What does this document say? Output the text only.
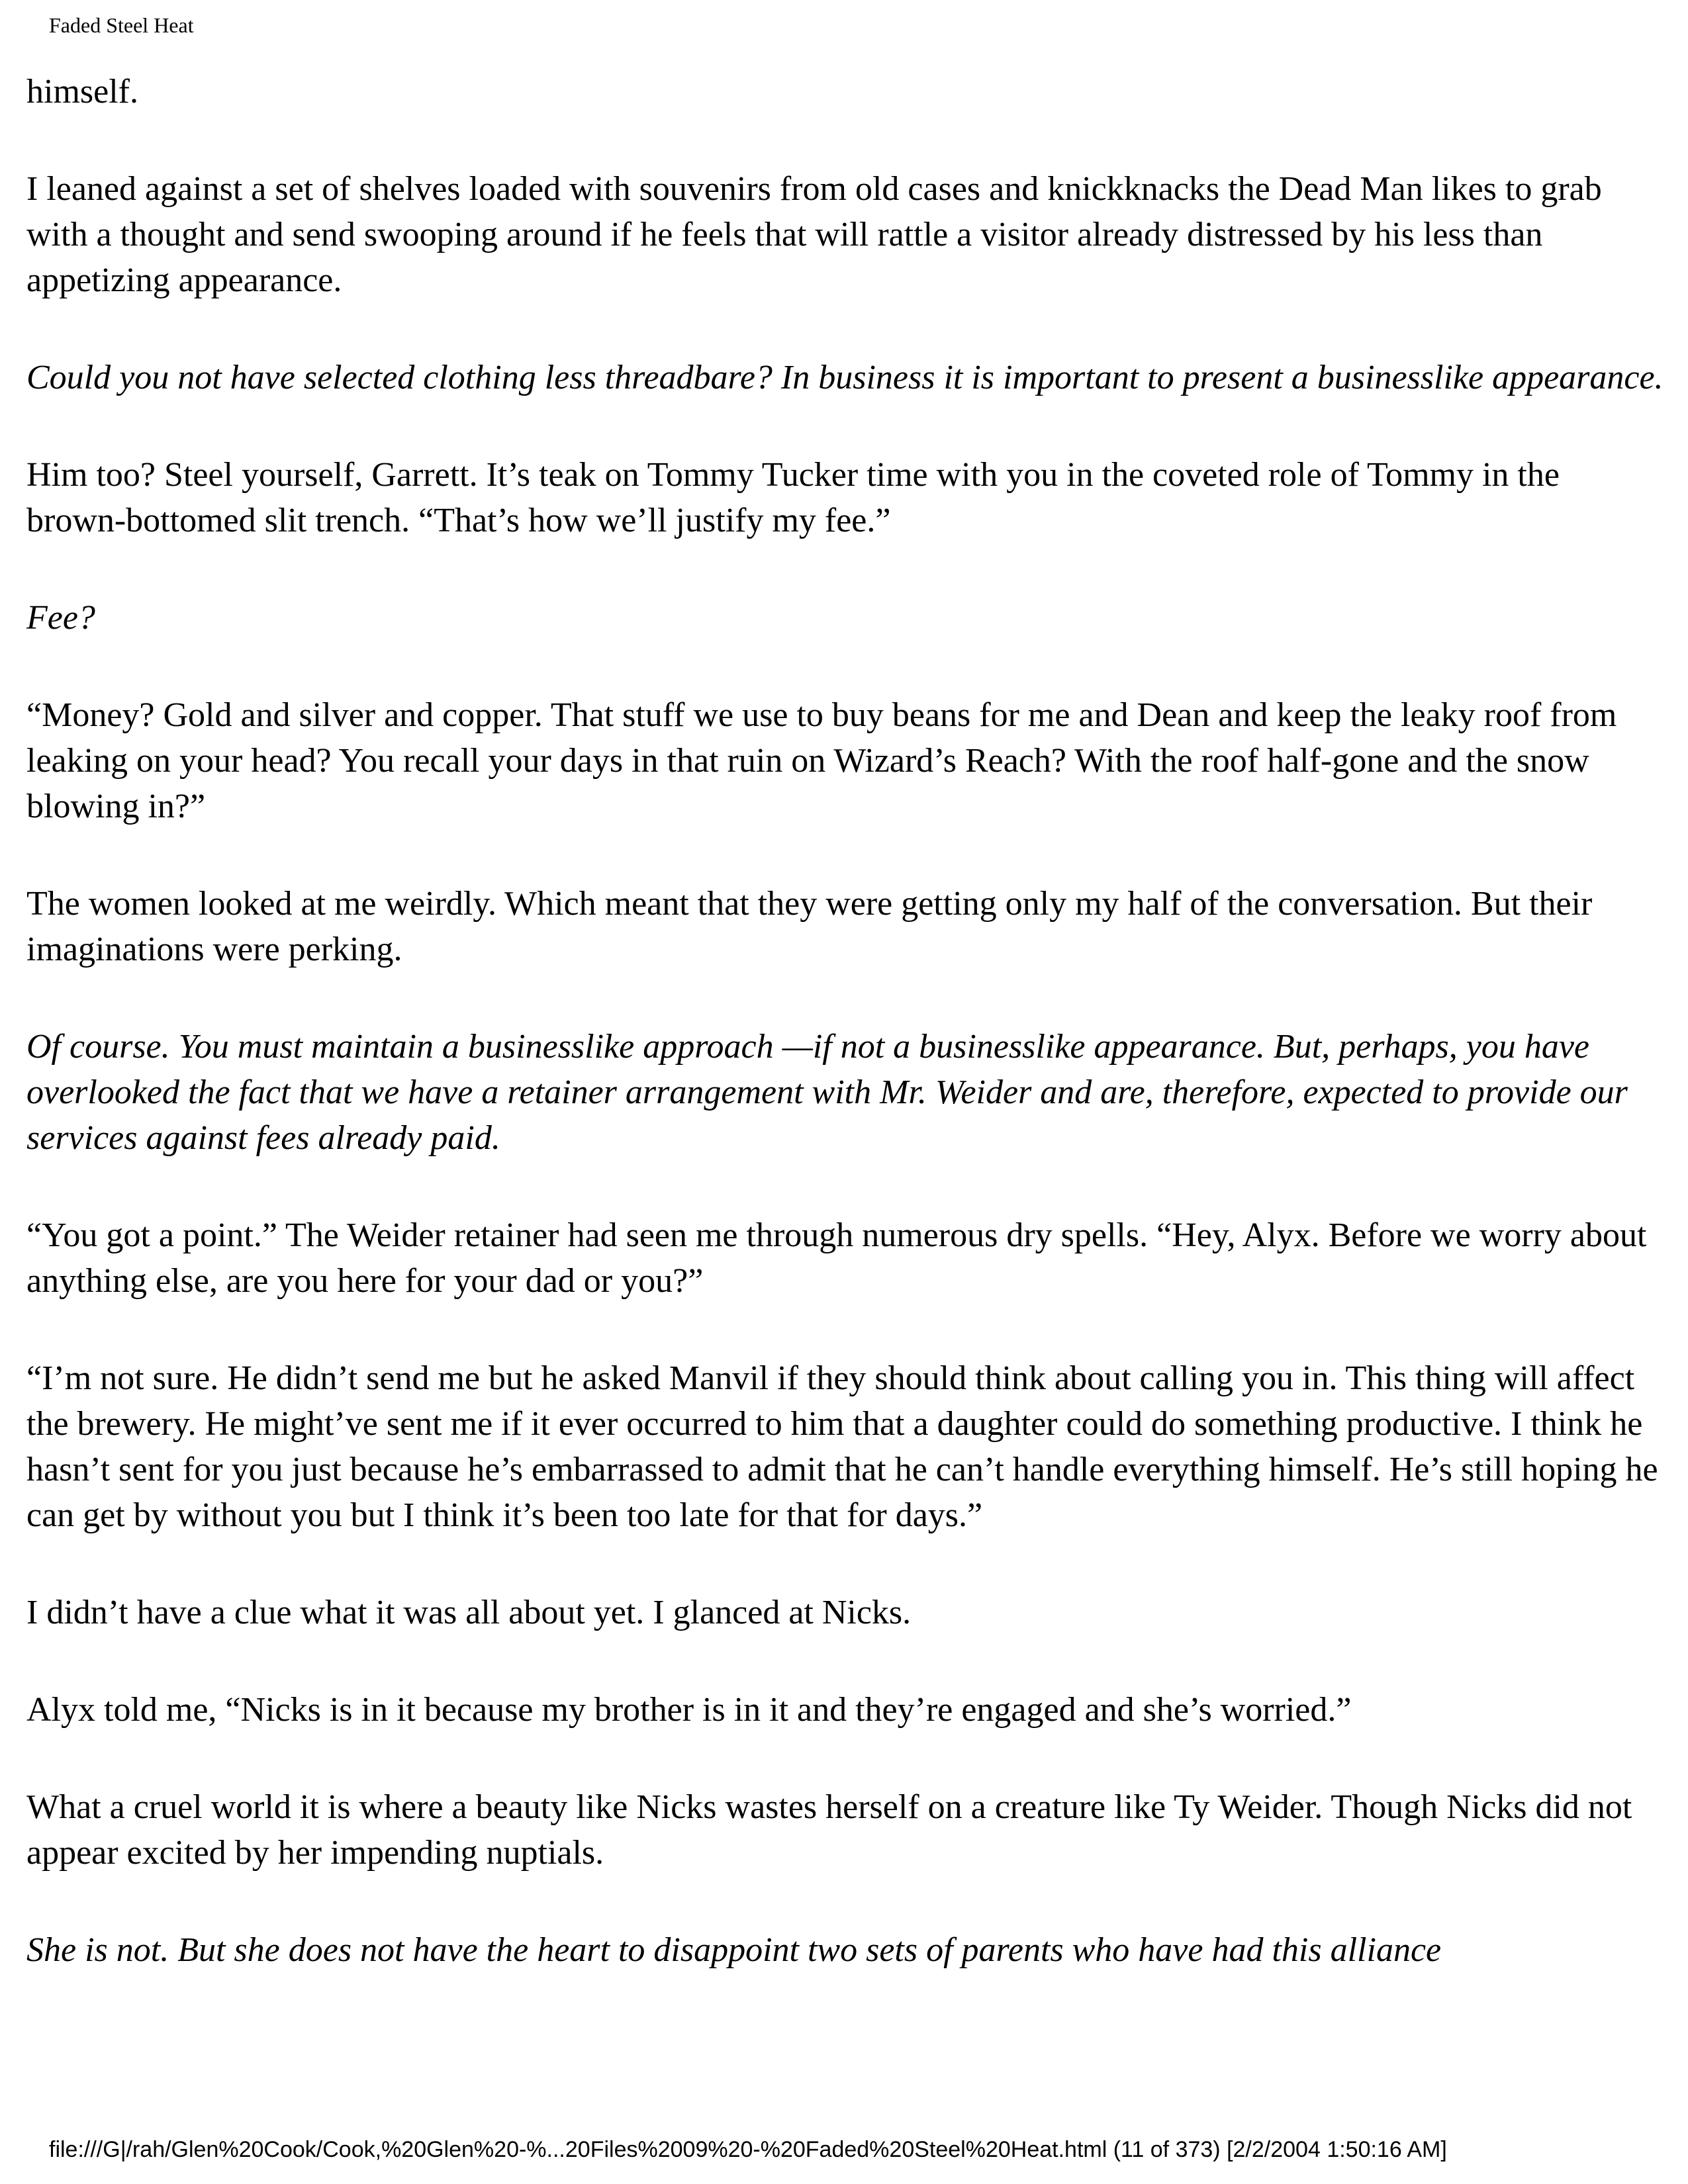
Faded Steel Heat

himself.

I leaned against a set of shelves loaded with souvenirs from old cases and knickknacks the Dead Man likes to grab with a thought and send swooping around if he feels that will rattle a visitor already distressed by his less than appetizing appearance.

Could you not have selected clothing less threadbare? In business it is important to present a businesslike appearance.

Him too? Steel yourself, Garrett. It’s teak on Tommy Tucker time with you in the coveted role of Tommy in the brown-bottomed slit trench. “That’s how we’ll justify my fee.”

Fee?

“Money? Gold and silver and copper. That stuff we use to buy beans for me and Dean and keep the leaky roof from leaking on your head? You recall your days in that ruin on Wizard’s Reach? With the roof half-gone and the snow blowing in?”

The women looked at me weirdly. Which meant that they were getting only my half of the conversation. But their imaginations were perking.

Of course. You must maintain a businesslike approach —if not a businesslike appearance. But, perhaps, you have overlooked the fact that we have a retainer arrangement with Mr. Weider and are, therefore, expected to provide our services against fees already paid.

“You got a point.” The Weider retainer had seen me through numerous dry spells. “Hey, Alyx. Before we worry about anything else, are you here for your dad or you?”

“I’m not sure. He didn’t send me but he asked Manvil if they should think about calling you in. This thing will affect the brewery. He might’ve sent me if it ever occurred to him that a daughter could do something productive. I think he hasn’t sent for you just because he’s embarrassed to admit that he can’t handle everything himself. He’s still hoping he can get by without you but I think it’s been too late for that for days.”

I didn’t have a clue what it was all about yet. I glanced at Nicks.

Alyx told me, “Nicks is in it because my brother is in it and they’re engaged and she’s worried.”

What a cruel world it is where a beauty like Nicks wastes herself on a creature like Ty Weider. Though Nicks did not appear excited by her impending nuptials.

She is not. But she does not have the heart to disappoint two sets of parents who have had this alliance

file:///G|/rah/Glen%20Cook/Cook,%20Glen%20-%...20Files%2009%20-%20Faded%20Steel%20Heat.html (11 of 373) [2/2/2004 1:50:16 AM]
